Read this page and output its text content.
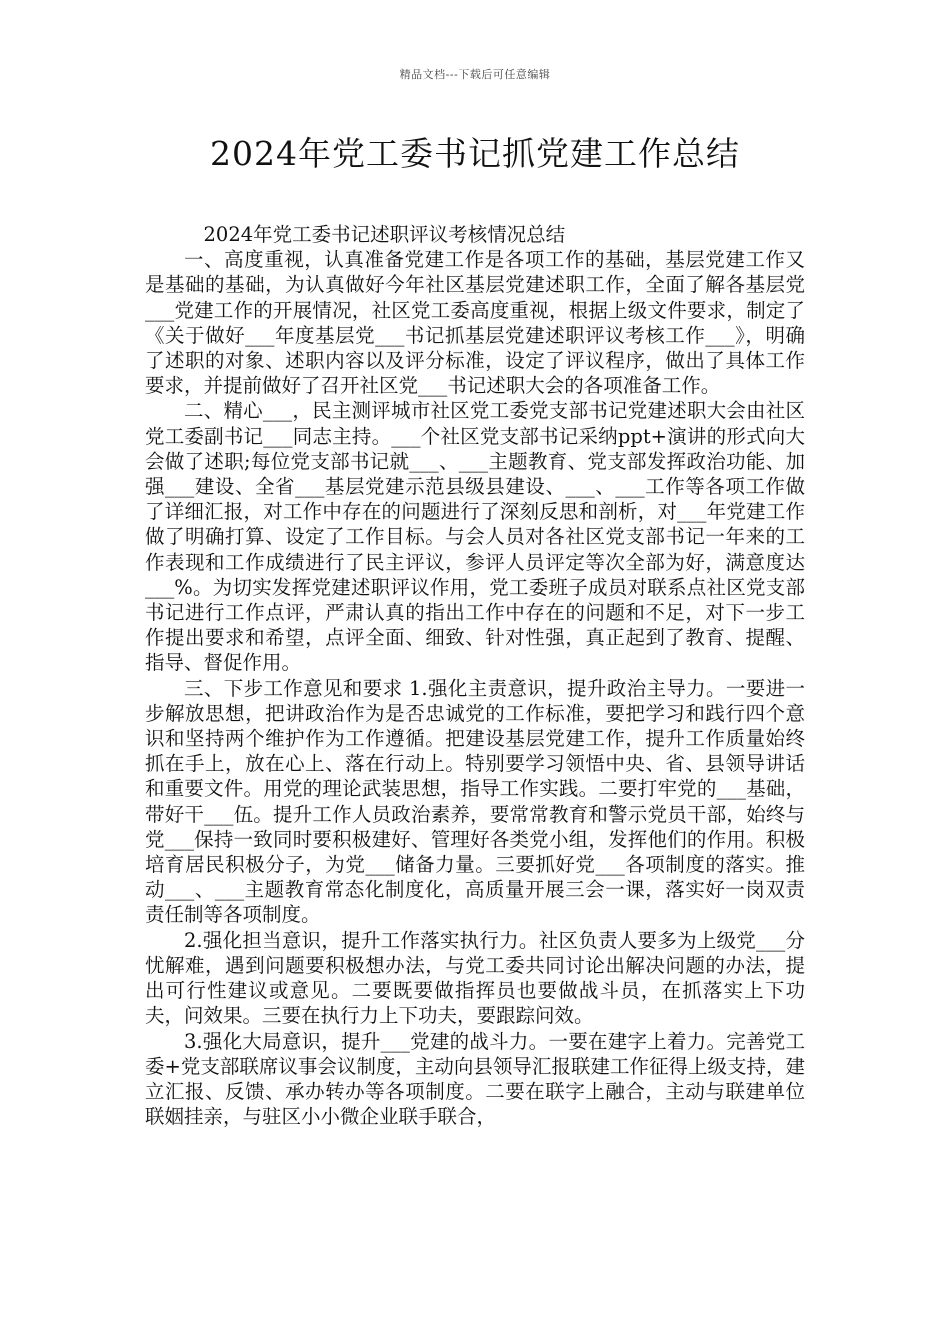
精品文档---下载后可任意编辑
2024年党工委书记抓党建工作总结

2024年党工委书记述职评议考核情况总结

一、高度重视，认真准备党建工作是各项工作的基础，基层党建工作又是基础的基础，为认真做好今年社区基层党建述职工作，全面了解各基层党___党建工作的开展情况，社区党工委高度重视，根据上级文件要求，制定了《关于做好___年度基层党___书记抓基层党建述职评议考核工作___》，明确了述职的对象、述职内容以及评分标准，设定了评议程序，做出了具体工作要求，并提前做好了召开社区党___书记述职大会的各项准备工作。

二、精心___，民主测评城市社区党工委党支部书记党建述职大会由社区党工委副书记___同志主持。___个社区党支部书记采纳ppt+演讲的形式向大会做了述职;每位党支部书记就___、___主题教育、党支部发挥政治功能、加强___建设、全省___基层党建示范县级县建设、___、___工作等各项工作做了详细汇报，对工作中存在的问题进行了深刻反思和剖析，对___年党建工作做了明确打算、设定了工作目标。与会人员对各社区党支部书记一年来的工作表现和工作成绩进行了民主评议，参评人员评定等次全部为好，满意度达___%。为切实发挥党建述职评议作用，党工委班子成员对联系点社区党支部书记进行工作点评，严肃认真的指出工作中存在的问题和不足，对下一步工作提出要求和希望，点评全面、细致、针对性强，真正起到了教育、提醒、指导、督促作用。

三、下步工作意见和要求 1.强化主责意识，提升政治主导力。一要进一步解放思想，把讲政治作为是否忠诚党的工作标准，要把学习和践行四个意识和坚持两个维护作为工作遵循。把建设基层党建工作，提升工作质量始终抓在手上，放在心上、落在行动上。特别要学习领悟中央、省、县领导讲话和重要文件。用党的理论武装思想，指导工作实践。二要打牢党的___基础，带好干___伍。提升工作人员政治素养，要常常教育和警示党员干部，始终与党___保持一致同时要积极建好、管理好各类党小组，发挥他们的作用。积极培育居民积极分子，为党___储备力量。三要抓好党___各项制度的落实。推动___、___主题教育常态化制度化，高质量开展三会一课，落实好一岗双责责任制等各项制度。

2.强化担当意识，提升工作落实执行力。社区负责人要多为上级党___分忧解难，遇到问题要积极想办法，与党工委共同讨论出解决问题的办法，提出可行性建议或意见。二要既要做指挥员也要做战斗员，在抓落实上下功夫，问效果。三要在执行力上下功夫，要跟踪问效。

3.强化大局意识，提升___党建的战斗力。一要在建字上着力。完善党工委+党支部联席议事会议制度，主动向县领导汇报联建工作征得上级支持，建立汇报、反馈、承办转办等各项制度。二要在联字上融合，主动与联建单位联姻挂亲，与驻区小小微企业联手联合，
